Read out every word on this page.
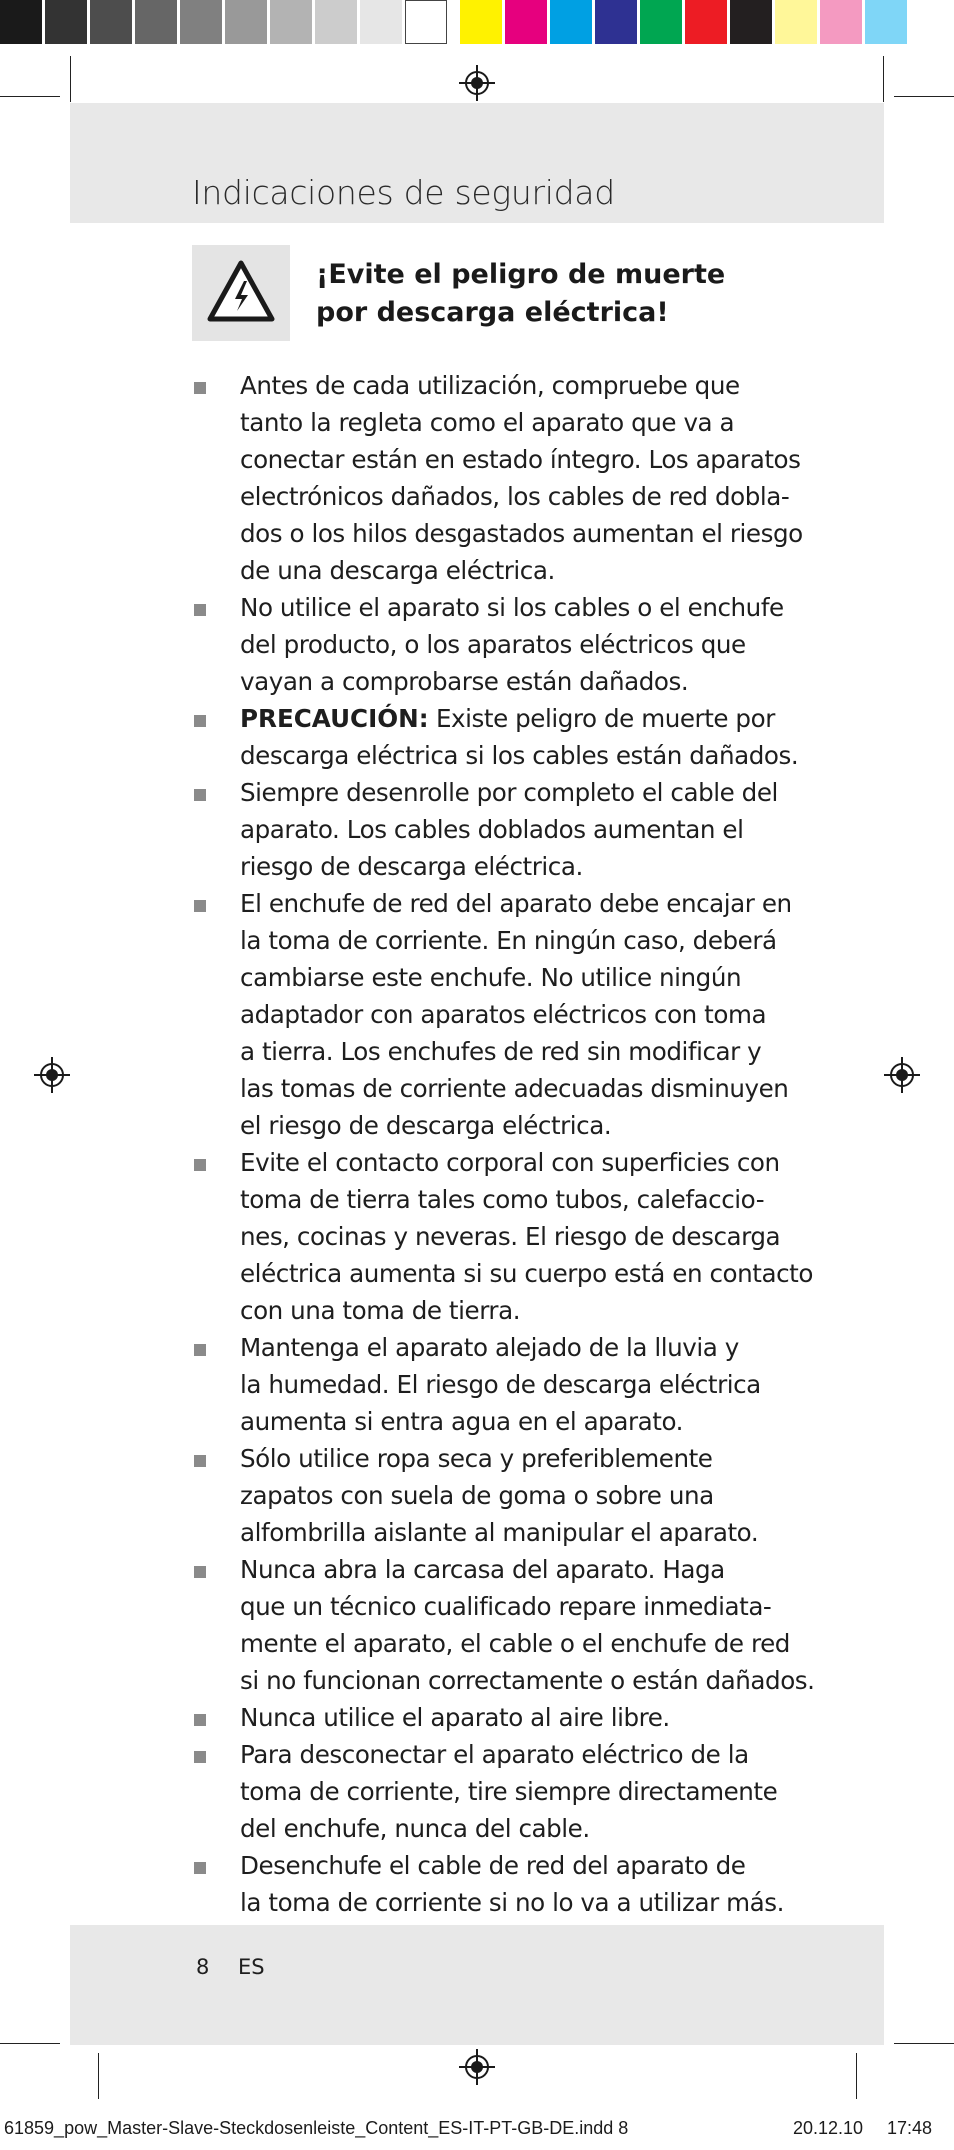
Indicaciones de seguridad
¡Evite el peligro de muerte
por descarga eléctrica!
Antes de cada utilización, compruebe que
tanto la regleta como el aparato que va a
conectar están en estado íntegro. Los aparatos
electrónicos dañados, los cables de red dobla-
dos o los hilos desgastados aumentan el riesgo
de una descarga eléctrica.
No utilice el aparato si los cables o el enchufe
del producto, o los aparatos eléctricos que
vayan a comprobarse están dañados.
PRECAUCIÓN: Existe peligro de muerte por
descarga eléctrica si los cables están dañados.
Siempre desenrolle por completo el cable del
aparato. Los cables doblados aumentan el
riesgo de descarga eléctrica.
El enchufe de red del aparato debe encajar en
la toma de corriente. En ningún caso, deberá
cambiarse este enchufe. No utilice ningún
adaptador con aparatos eléctricos con toma
a tierra. Los enchufes de red sin modificar y
las tomas de corriente adecuadas disminuyen
el riesgo de descarga eléctrica.
Evite el contacto corporal con superficies con
toma de tierra tales como tubos, calefaccio-
nes, cocinas y neveras. El riesgo de descarga
eléctrica aumenta si su cuerpo está en contacto
con una toma de tierra.
Mantenga el aparato alejado de la lluvia y
la humedad. El riesgo de descarga eléctrica
aumenta si entra agua en el aparato.
Sólo utilice ropa seca y preferiblemente
zapatos con suela de goma o sobre una
alfombrilla aislante al manipular el aparato.
Nunca abra la carcasa del aparato. Haga
que un técnico cualificado repare inmediata-
mente el aparato, el cable o el enchufe de red
si no funcionan correctamente o están dañados.
Nunca utilice el aparato al aire libre.
Para desconectar el aparato eléctrico de la
toma de corriente, tire siempre directamente
del enchufe, nunca del cable.
Desenchufe el cable de red del aparato de
la toma de corriente si no lo va a utilizar más.
8 ES
61859_pow_Master-Slave-Steckdosenleiste_Content_ES-IT-PT-GB-DE.indd 8	20.12.10 17:48
